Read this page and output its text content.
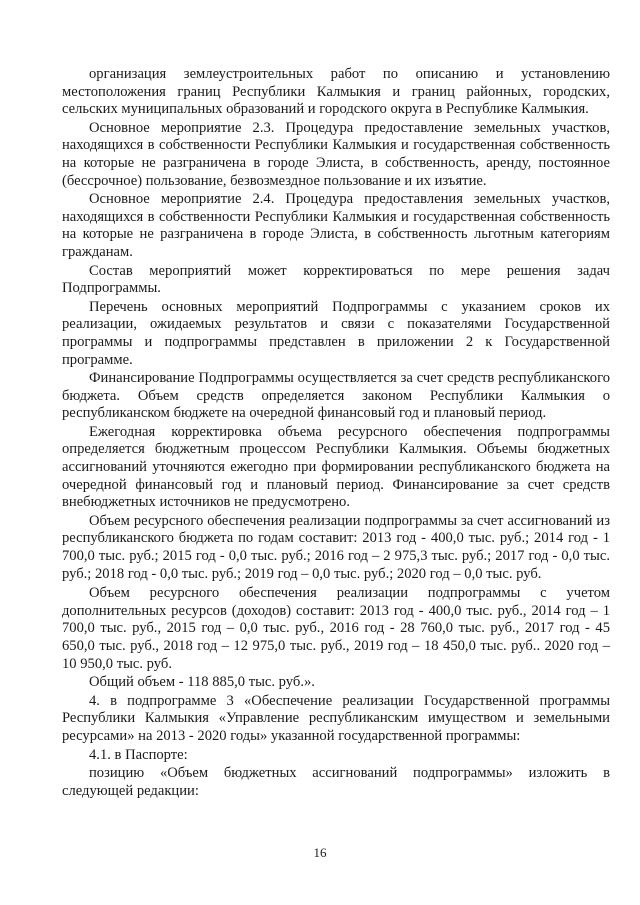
организация землеустроительных работ по описанию и установлению местоположения границ Республики Калмыкия и границ районных, городских, сельских муниципальных образований и городского округа в Республике Калмыкия.

Основное мероприятие 2.3. Процедура предоставление земельных участков, находящихся в собственности Республики Калмыкия и государственная собственность на которые не разграничена в городе Элиста, в собственность, аренду, постоянное (бессрочное) пользование, безвозмездное пользование и их изъятие.

Основное мероприятие 2.4. Процедура предоставления земельных участков, находящихся в собственности Республики Калмыкия и государственная собственность на которые не разграничена в городе Элиста, в собственность льготным категориям гражданам.

Состав мероприятий может корректироваться по мере решения задач Подпрограммы.

Перечень основных мероприятий Подпрограммы с указанием сроков их реализации, ожидаемых результатов и связи с показателями Государственной программы и подпрограммы представлен в приложении 2 к Государственной программе.

Финансирование Подпрограммы осуществляется за счет средств республиканского бюджета. Объем средств определяется законом Республики Калмыкия о республиканском бюджете на очередной финансовый год и плановый период.

Ежегодная корректировка объема ресурсного обеспечения подпрограммы определяется бюджетным процессом Республики Калмыкия. Объемы бюджетных ассигнований уточняются ежегодно при формировании республиканского бюджета на очередной финансовый год и плановый период. Финансирование за счет средств внебюджетных источников не предусмотрено.

Объем ресурсного обеспечения реализации подпрограммы за счет ассигнований из республиканского бюджета по годам составит: 2013 год - 400,0 тыс. руб.; 2014 год - 1 700,0 тыс. руб.; 2015 год - 0,0 тыс. руб.; 2016 год – 2 975,3 тыс. руб.; 2017 год - 0,0 тыс. руб.; 2018 год - 0,0 тыс. руб.; 2019 год – 0,0 тыс. руб.; 2020 год – 0,0 тыс. руб.

Объем ресурсного обеспечения реализации подпрограммы с учетом дополнительных ресурсов (доходов) составит: 2013 год - 400,0 тыс. руб., 2014 год – 1 700,0 тыс. руб., 2015 год – 0,0 тыс. руб., 2016 год - 28 760,0 тыс. руб., 2017 год - 45 650,0 тыс. руб., 2018 год – 12 975,0 тыс. руб., 2019 год – 18 450,0 тыс. руб.. 2020 год – 10 950,0 тыс. руб.

Общий объем - 118 885,0 тыс. руб.».

4. в подпрограмме 3 «Обеспечение реализации Государственной программы Республики Калмыкия «Управление республиканским имуществом и земельными ресурсами» на 2013 - 2020 годы» указанной государственной программы:

4.1. в Паспорте:

позицию «Объем бюджетных ассигнований подпрограммы» изложить в следующей редакции:

16
